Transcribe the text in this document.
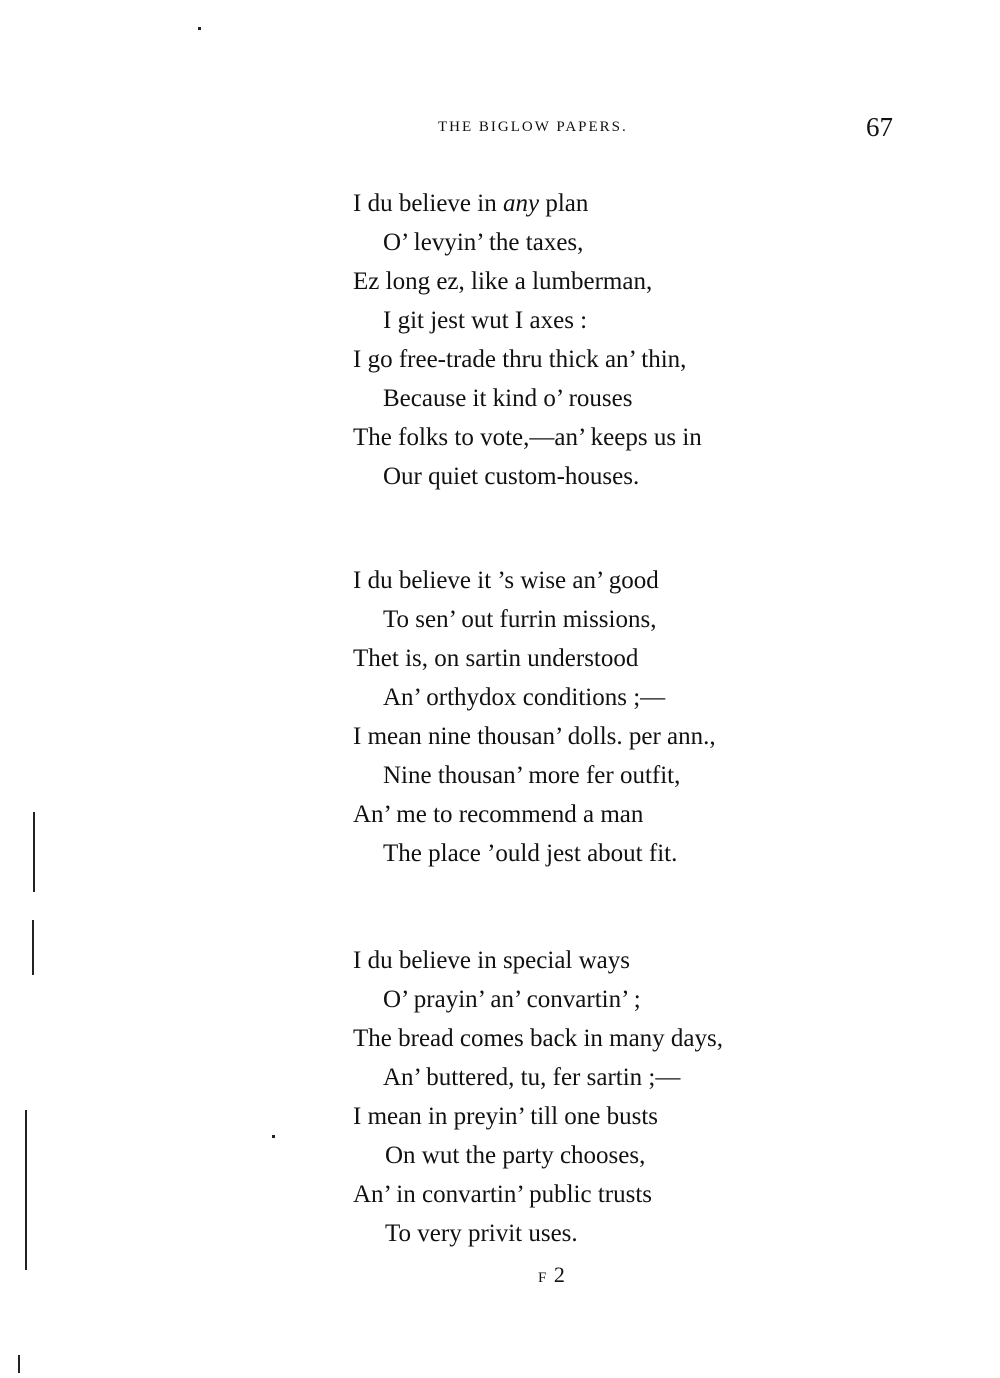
THE BIGLOW PAPERS.	67
I du believe in any plan
O’ levyin’ the taxes,
Ez long ez, like a lumberman,
I git jest wut I axes :
I go free-trade thru thick an’ thin,
Because it kind o’ rouses
The folks to vote,—an’ keeps us in
Our quiet custom-houses.
I du believe it ’s wise an’ good
To sen’ out furrin missions,
Thet is, on sartin understood
An’ orthydox conditions ;—
I mean nine thousan’ dolls. per ann.,
Nine thousan’ more fer outfit,
An’ me to recommend a man
The place ’ould jest about fit.
I du believe in special ways
O’ prayin’ an’ convartin’ ;
The bread comes back in many days,
An’ buttered, tu, fer sartin ;—
I mean in preyin’ till one busts
On wut the party chooses,
An’ in convartin’ public trusts
To very privit uses.
F 2
